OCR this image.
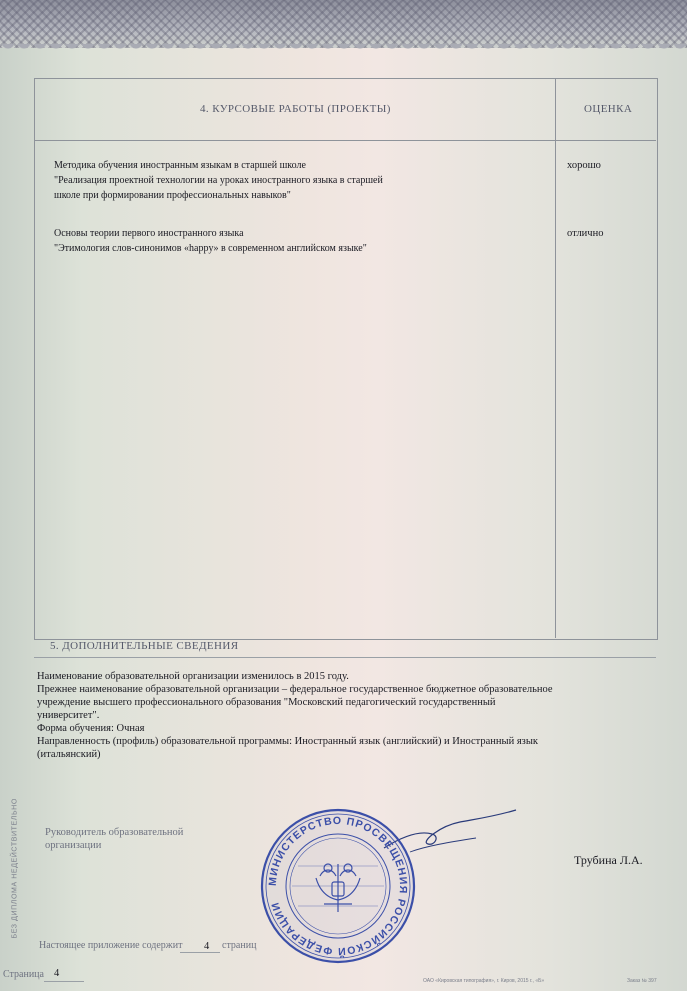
4. КУРСОВЫЕ РАБОТЫ (ПРОЕКТЫ)	ОЦЕНКА
Методика обучения иностранным языкам в старшей школе
"Реализация проектной технологии на уроках иностранного языка в старшей
школе при формировании профессиональных навыков"
хорошо
Основы теории первого иностранного языка
"Этимология слов-синонимов «happy» в современном английском языке"
отлично
5. ДОПОЛНИТЕЛЬНЫЕ СВЕДЕНИЯ
Наименование образовательной организации изменилось в 2015 году.
Прежнее наименование образовательной организации – федеральное государственное бюджетное образовательное
учреждение высшего профессионального образования "Московский педагогический государственный
университет".
Форма обучения: Очная
Направленность (профиль) образовательной программы: Иностранный язык (английский) и Иностранный язык
(итальянский)
Руководитель образовательной
организации
Трубина Л.А.
МИНИСТЕРСТВО ПРОСВЕЩЕНИЯ РОССИЙСКОЙ ФЕДЕРАЦИИ
Настоящее приложение содержит 4 страниц
Страница 4
ОАО «Кировская типография», г. Киров, 2015 г., «Б»	Заказ № 397
БЕЗ ДИПЛОМА НЕДЕЙСТВИТЕЛЬНО
